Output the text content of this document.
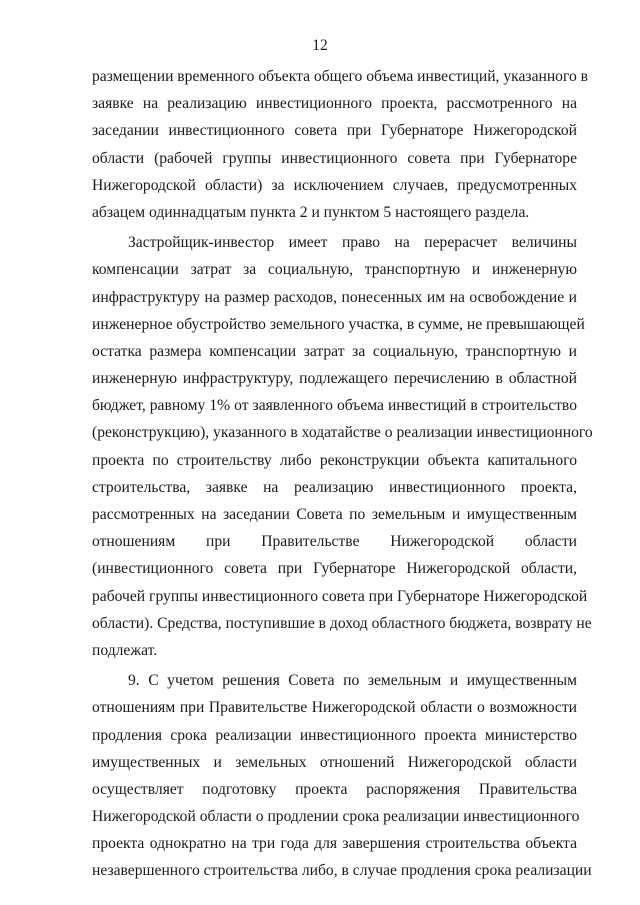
12
размещении временного объекта общего объема инвестиций, указанного в
заявке на реализацию инвестиционного проекта, рассмотренного на
заседании инвестиционного совета при Губернаторе Нижегородской
области (рабочей группы инвестиционного совета при Губернаторе
Нижегородской области) за исключением случаев, предусмотренных
абзацем одиннадцатым пункта 2 и пунктом 5 настоящего раздела.
Застройщик-инвестор имеет право на перерасчет величины
компенсации затрат за социальную, транспортную и инженерную
инфраструктуру на размер расходов, понесенных им на освобождение и
инженерное обустройство земельного участка, в сумме, не превышающей
остатка размера компенсации затрат за социальную, транспортную и
инженерную инфраструктуру, подлежащего перечислению в областной
бюджет, равному 1% от заявленного объема инвестиций в строительство
(реконструкцию), указанного в ходатайстве о реализации инвестиционного
проекта по строительству либо реконструкции объекта капитального
строительства, заявке на реализацию инвестиционного проекта,
рассмотренных на заседании Совета по земельным и имущественным
отношениям при Правительстве Нижегородской области
(инвестиционного совета при Губернаторе Нижегородской области,
рабочей группы инвестиционного совета при Губернаторе Нижегородской
области). Средства, поступившие в доход областного бюджета, возврату не
подлежат.
9. С учетом решения Совета по земельным и имущественным
отношениям при Правительстве Нижегородской области о возможности
продления срока реализации инвестиционного проекта министерство
имущественных и земельных отношений Нижегородской области
осуществляет подготовку проекта распоряжения Правительства
Нижегородской области о продлении срока реализации инвестиционного
проекта однократно на три года для завершения строительства объекта
незавершенного строительства либо, в случае продления срока реализации
